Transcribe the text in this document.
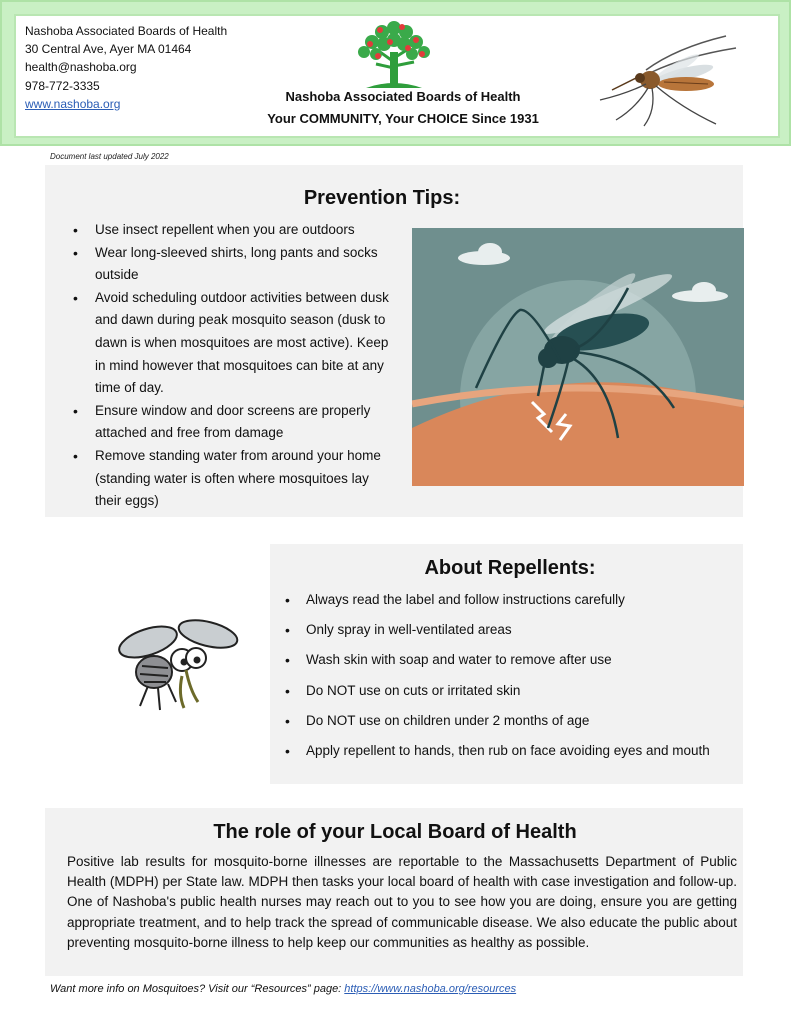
Nashoba Associated Boards of Health
30 Central Ave, Ayer MA 01464
health@nashoba.org
978-772-3335
www.nashoba.org	Nashoba Associated Boards of Health
Your COMMUNITY, Your CHOICE Since 1931
Document last updated July 2022
Prevention Tips:
• Use insect repellent when you are outdoors
• Wear long-sleeved shirts, long pants and socks outside
• Avoid scheduling outdoor activities between dusk and dawn during peak mosquito season (dusk to dawn is when mosquitoes are most active). Keep in mind however that mosquitoes can bite at any time of day.
• Ensure window and door screens are properly attached and free from damage
• Remove standing water from around your home (standing water is often where mosquitoes lay their eggs)
About Repellents:
• Always read the label and follow instructions carefully
• Only spray in well-ventilated areas
• Wash skin with soap and water to remove after use
• Do NOT use on cuts or irritated skin
• Do NOT use on children under 2 months of age
• Apply repellent to hands, then rub on face avoiding eyes and mouth
The role of your Local Board of Health
Positive lab results for mosquito-borne illnesses are reportable to the Massachusetts Department of Public Health (MDPH) per State law. MDPH then tasks your local board of health with case investigation and follow-up. One of Nashoba's public health nurses may reach out to you to see how you are doing, ensure you are getting appropriate treatment, and to help track the spread of communicable disease. We also educate the public about preventing mosquito-borne illness to help keep our communities as healthy as possible.
Want more info on Mosquitoes? Visit our “Resources” page: https://www.nashoba.org/resources
